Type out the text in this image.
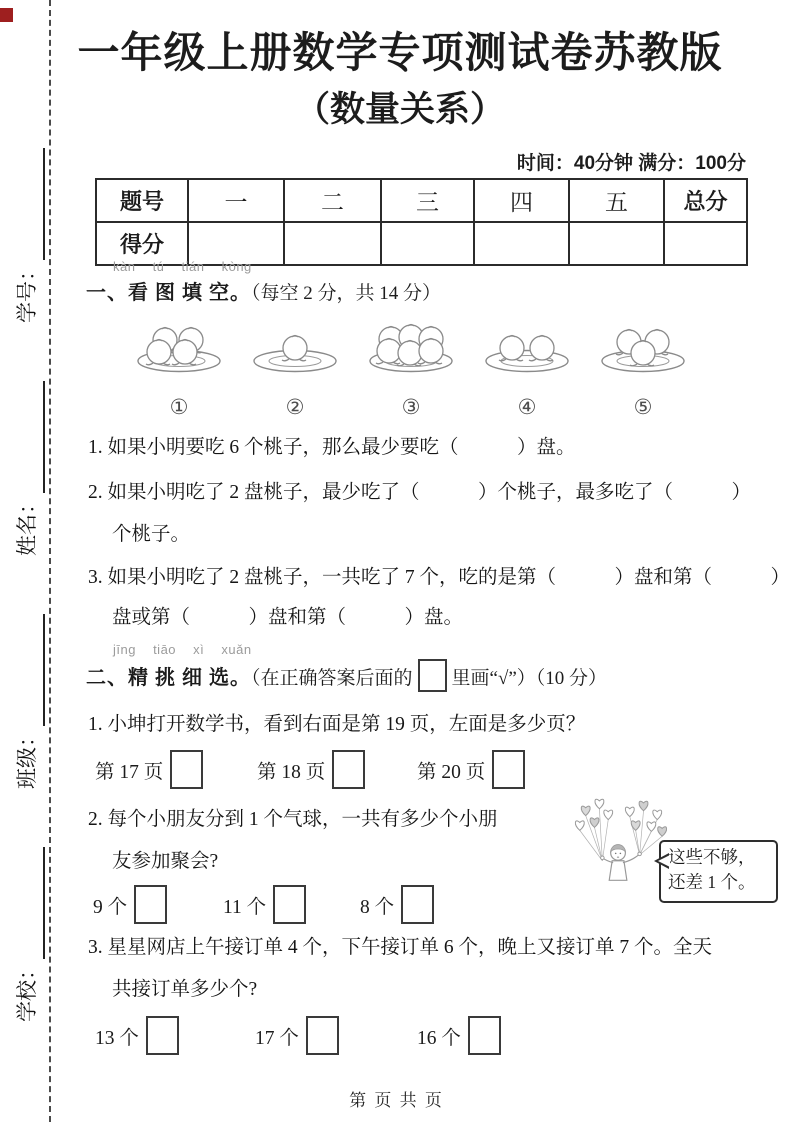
学号：
姓名：
班级：
学校：
一年级上册数学专项测试卷苏教版
（数量关系）
时间：40分钟 满分：100分
题号	一	二	三	四	五	总分
得分						
kàn tú tián kòng
一、看 图 填 空。（每空 2 分，共 14 分）
①	②	③	④	⑤
1. 如果小明要吃 6 个桃子，那么最少要吃（　　　）盘。
2. 如果小明吃了 2 盘桃子，最少吃了（　　　）个桃子，最多吃了（　　　）
个桃子。
3. 如果小明吃了 2 盘桃子，一共吃了 7 个，吃的是第（　　　）盘和第（　　　）
盘或第（　　　）盘和第（　　　）盘。
jīng tiāo xì xuǎn
二、精 挑 细 选。（在正确答案后面的 里画“√”）（10 分）
1. 小坤打开数学书，看到右面是第 19 页，左面是多少页？
第 17 页	第 18 页	第 20 页
2. 每个小朋友分到 1 个气球，一共有多少个小朋
友参加聚会?	这些不够，
还差 1 个。
9 个	11 个	8 个
3. 星星网店上午接订单 4 个，下午接订单 6 个，晚上又接订单 7 个。全天
共接订单多少个?
13 个	17 个	16 个
第 页 共 页
